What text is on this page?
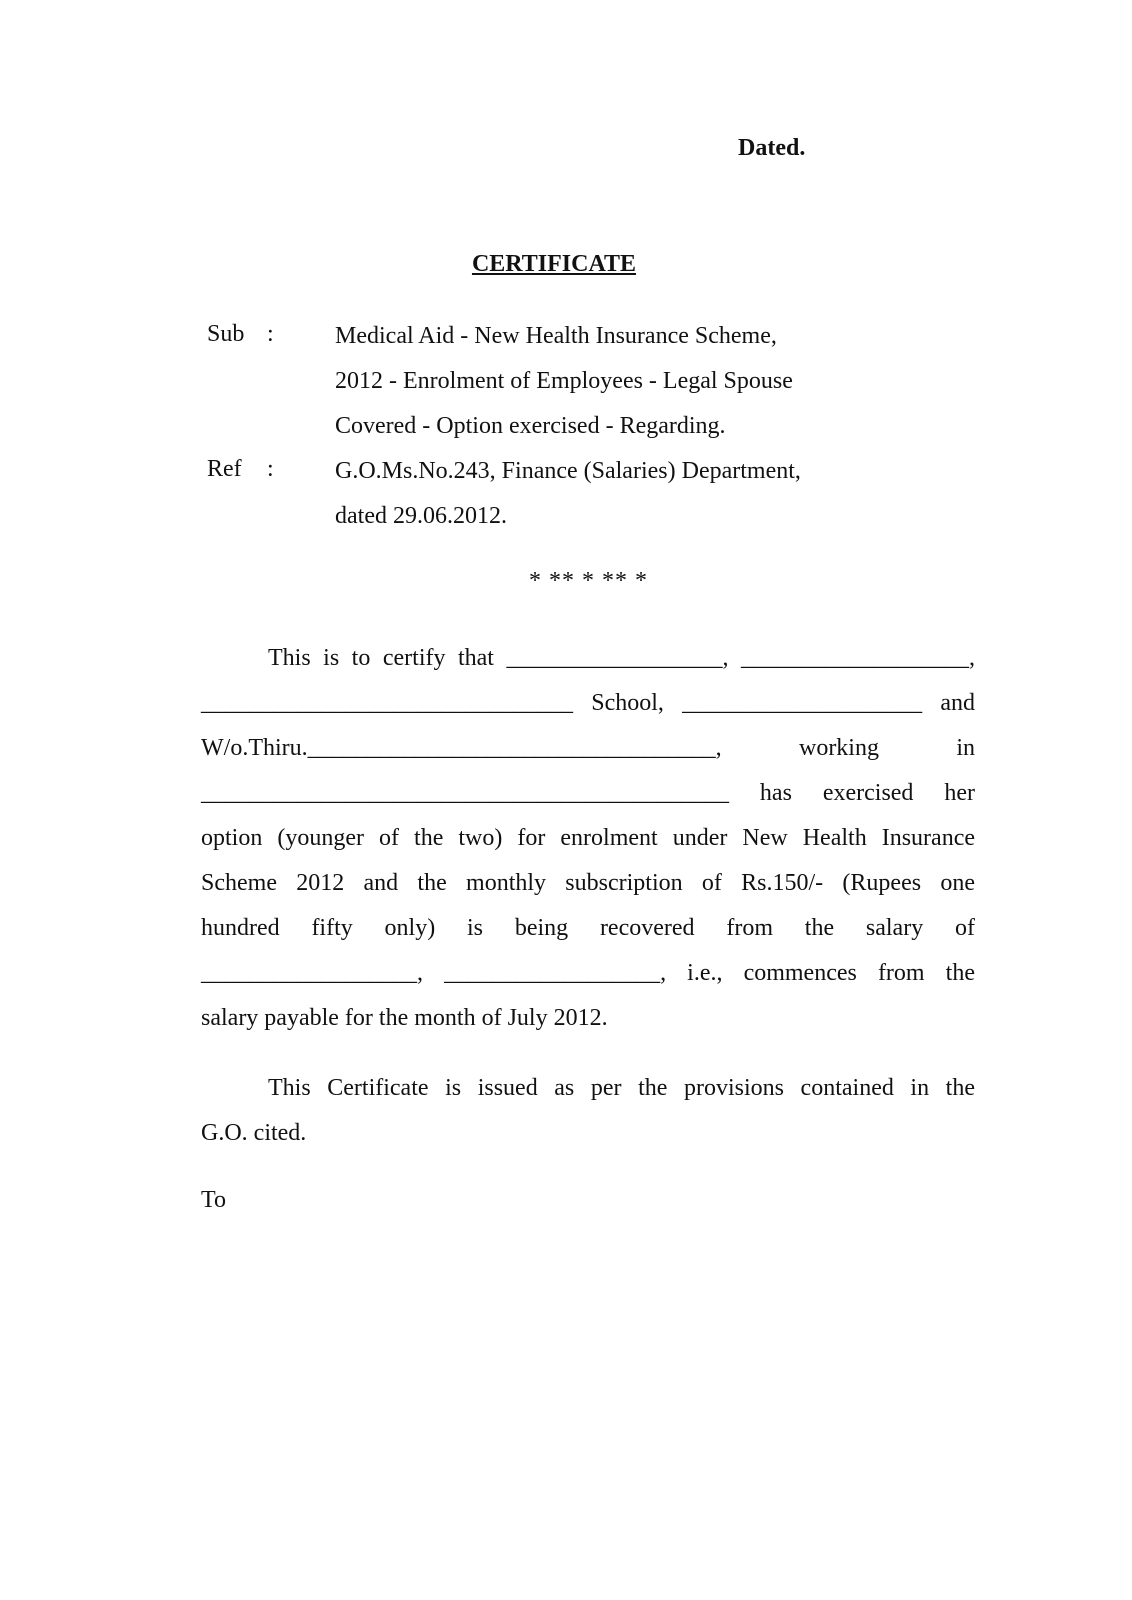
Dated.
CERTIFICATE
Sub :	Medical Aid - New Health Insurance Scheme,
2012 - Enrolment of Employees - Legal Spouse
Covered - Option exercised - Regarding.
Ref :	G.O.Ms.No.243, Finance (Salaries) Department,
dated 29.06.2012.
* ** * ** *
This is to certify that __________________, ___________________,
_______________________________ School, ____________________ and
W/o.Thiru.__________________________________, working in
____________________________________________ has exercised her
option (younger of the two) for enrolment under New Health Insurance
Scheme 2012 and the monthly subscription of Rs.150/- (Rupees one
hundred fifty only) is being recovered from the salary of
__________________, __________________, i.e., commences from the
salary payable for the month of July 2012.
This Certificate is issued as per the provisions contained in the
G.O. cited.
To
